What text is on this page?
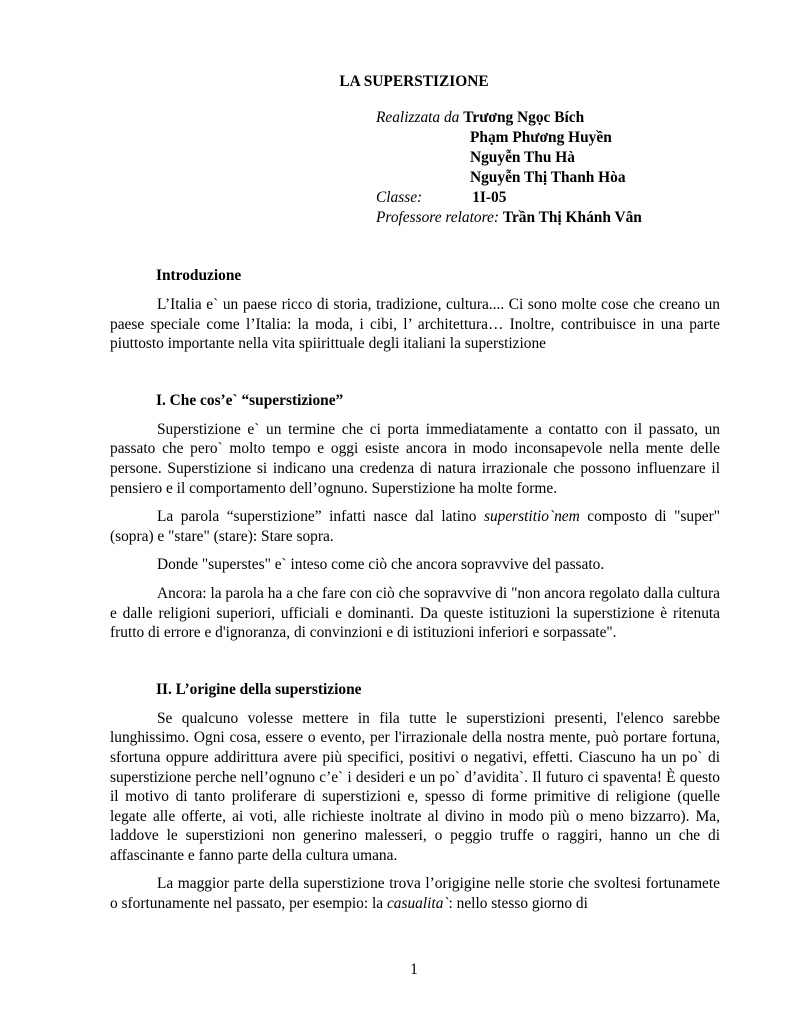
LA SUPERSTIZIONE
Realizzata da Trương Ngọc Bích
Phạm Phương Huyền
Nguyễn Thu Hà
Nguyễn Thị Thanh Hòa
Classe:	1I-05
Professore relatore: Trần Thị Khánh Vân
Introduzione

L’Italia e` un paese ricco di storia, tradizione, cultura.... Ci sono molte cose che creano un paese speciale come l’Italia: la moda, i cibi, l’ architettura… Inoltre, contribuisce in una parte piuttosto importante nella vita spiirittuale degli italiani la superstizione

I. Che cos’e` “superstizione”

Superstizione e` un termine che ci porta immediatamente a contatto con il passato, un passato che pero` molto tempo e oggi esiste ancora in modo inconsapevole nella mente delle persone. Superstizione si indicano una credenza di natura irrazionale che possono influenzare il pensiero e il comportamento dell’ognuno. Superstizione ha molte forme.

La parola “superstizione” infatti nasce dal latino superstitio`nem composto di "super" (sopra) e "stare" (stare): Stare sopra.

Donde "superstes" e` inteso come ciò che ancora sopravvive del passato.

Ancora: la parola ha a che fare con ciò che sopravvive di "non ancora regolato dalla cultura e dalle religioni superiori, ufficiali e dominanti. Da queste istituzioni la superstizione è ritenuta frutto di errore e d'ignoranza, di convinzioni e di istituzioni inferiori e sorpassate".

II. L’origine della superstizione

Se qualcuno volesse mettere in fila tutte le superstizioni presenti, l'elenco sarebbe lunghissimo. Ogni cosa, essere o evento, per l'irrazionale della nostra mente, può portare fortuna, sfortuna oppure addirittura avere più specifici, positivi o negativi, effetti. Ciascuno ha un po` di superstizione perche nell’ognuno c’e` i desideri e un po` d’avidita`. Il futuro ci spaventa! È questo il motivo di tanto proliferare di superstizioni e, spesso di forme primitive di religione (quelle legate alle offerte, ai voti, alle richieste inoltrate al divino in modo più o meno bizzarro). Ma, laddove le superstizioni non generino malesseri, o peggio truffe o raggiri, hanno un che di affascinante e fanno parte della cultura umana.

La maggior parte della superstizione trova l’origigine nelle storie che svoltesi fortunamete o sfortunamente nel passato, per esempio: la casualita`: nello stesso giorno di

1
